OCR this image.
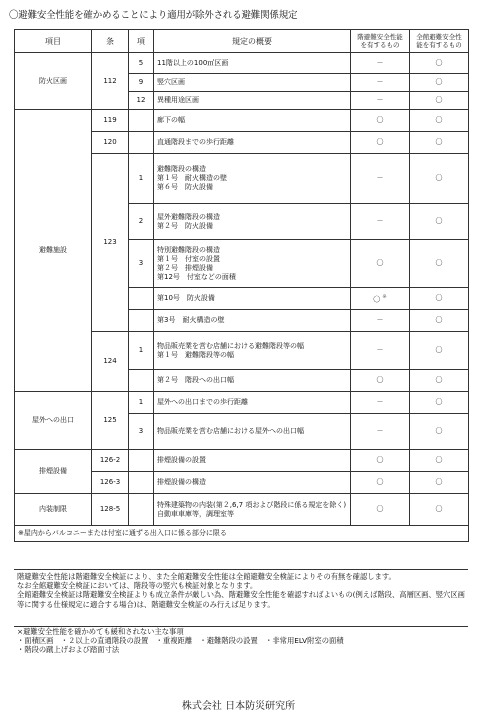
〇避難安全性能を確かめることにより適用が除外される避難関係規定
項目	条	項	規定の概要	階避難安全性能
を有するもの	全館避難安全性
能を有するもの
防火区画	112	5	11階以上の100㎡区画	－	〇
		9	竪穴区画	－	〇
		12	異種用途区画	－	〇
避難施設	119		廊下の幅	〇	〇
	120		直通階段までの歩行距離	〇	〇
	123	1	避難階段の構造
第１号　耐火構造の壁
第６号　防火設備	－	〇
		2	屋外避難階段の構造
第２号　防火設備	－	〇
		3	特別避難階段の構造
第１号　付室の設置
第２号　排煙設備
第12号　付室などの面積	〇	〇
			第10号　防火設備	〇 ※	〇
			第3号　耐火構造の壁	－	〇
	124	1	物品販売業を営む店舗における避難階段等の幅
第１号　避難階段等の幅	－	〇
			第２号　階段への出口幅	〇	〇
屋外への出口	125	1	屋外への出口までの歩行距離	－	〇
		3	物品販売業を営む店舗における屋外への出口幅	－	〇
排煙設備	126-2		排煙設備の設置	〇	〇
	126-3		排煙設備の構造	〇	〇
内装制限	128-5		特殊建築物の内装(第２,6,7 項および階段に係る規定を除く)
自動車車庫等，調理室等	〇	〇
※屋内からバルコニーまたは付室に通ずる出入口に係る部分に限る					
階避難安全性能は階避難安全検証により、また全館避難安全性能は全館避難安全検証によりその有無を確認します。
なお全館避難安全検証においては、階段等の竪穴も検証対象となります。
全館避難安全検証は階避難安全検証よりも成立条件が厳しい為、階避難安全性能を確認すればよいもの(例えば階段、高層区画、竪穴区画等に関する仕様規定に適合する場合)は、階避難安全検証のみ行えば足ります。
×避難安全性能を確かめても緩和されない主な事項
・面積区画　・２以上の直通階段の設置　・重複距離　・避難階段の設置　・非常用ELV附室の面積
・階段の蹴上げおよび踏面寸法
株式会社 日本防災研究所
